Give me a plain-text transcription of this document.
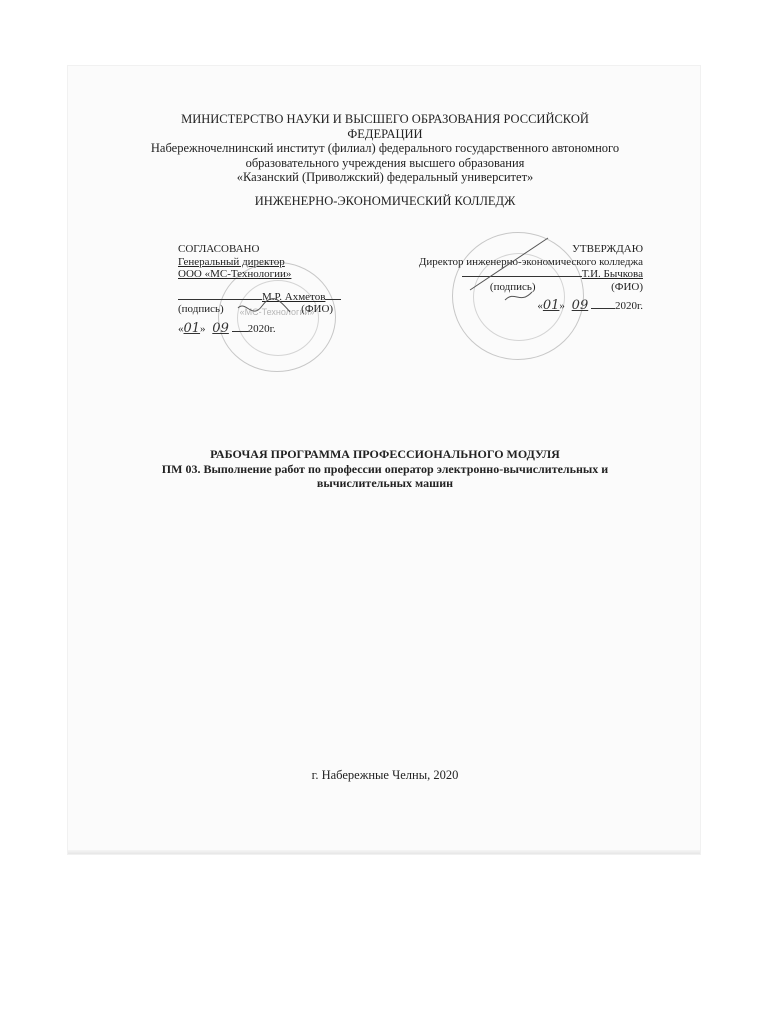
МИНИСТЕРСТВО НАУКИ И ВЫСШЕГО ОБРАЗОВАНИЯ РОССИЙСКОЙ
ФЕДЕРАЦИИ
Набережночелнинский институт (филиал) федерального государственного автономного
образовательного учреждения высшего образования
«Казанский (Приволжский) федеральный университет»
ИНЖЕНЕРНО-ЭКОНОМИЧЕСКИЙ КОЛЛЕДЖ
«МС-Технологии»
СОГЛАСОВАНО
Генеральный директор
ООО «МС-Технологии»
М.Р. Ахметов
(подпись)	(ФИО)
«01» 09 2020г.
УТВЕРЖДАЮ
Директор инженерно-экономического колледжа
Т.И. Бычкова
(подпись)	(ФИО)
«01» 09 2020г.
РАБОЧАЯ ПРОГРАММА ПРОФЕССИОНАЛЬНОГО МОДУЛЯ
ПМ 03. Выполнение работ по профессии оператор электронно-вычислительных и
вычислительных машин
г. Набережные Челны, 2020
